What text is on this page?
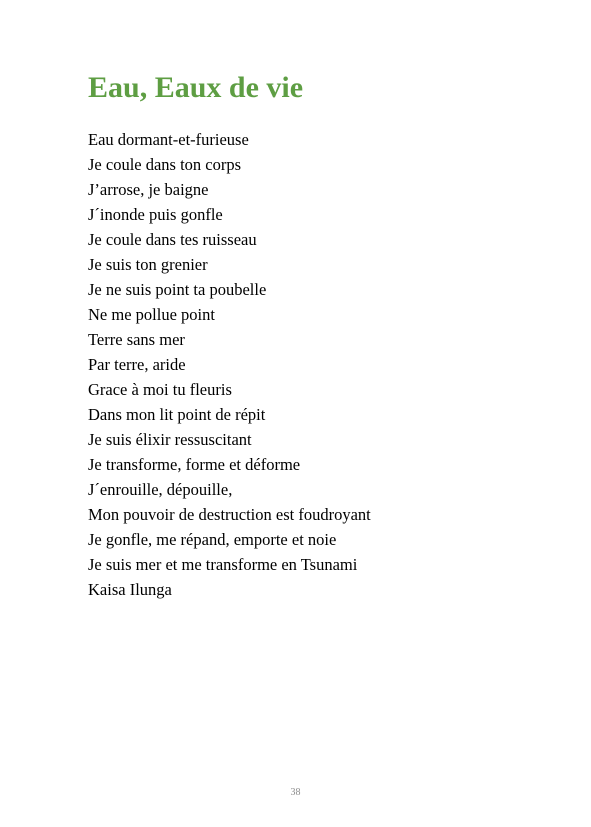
Eau, Eaux de vie
Eau dormant-et-furieuse
Je coule dans ton corps
J’arrose, je baigne
J´inonde puis gonfle
Je coule dans tes ruisseau
Je suis ton grenier
Je ne suis point ta poubelle
Ne me pollue point
Terre sans mer
Par terre, aride
Grace à moi tu fleuris
Dans mon lit point de répit
Je suis élixir ressuscitant
Je transforme, forme et déforme
J´enrouille, dépouille,
Mon pouvoir de destruction est foudroyant
Je gonfle, me répand, emporte et noie
Je suis mer et me transforme en Tsunami
Kaisa Ilunga
38
